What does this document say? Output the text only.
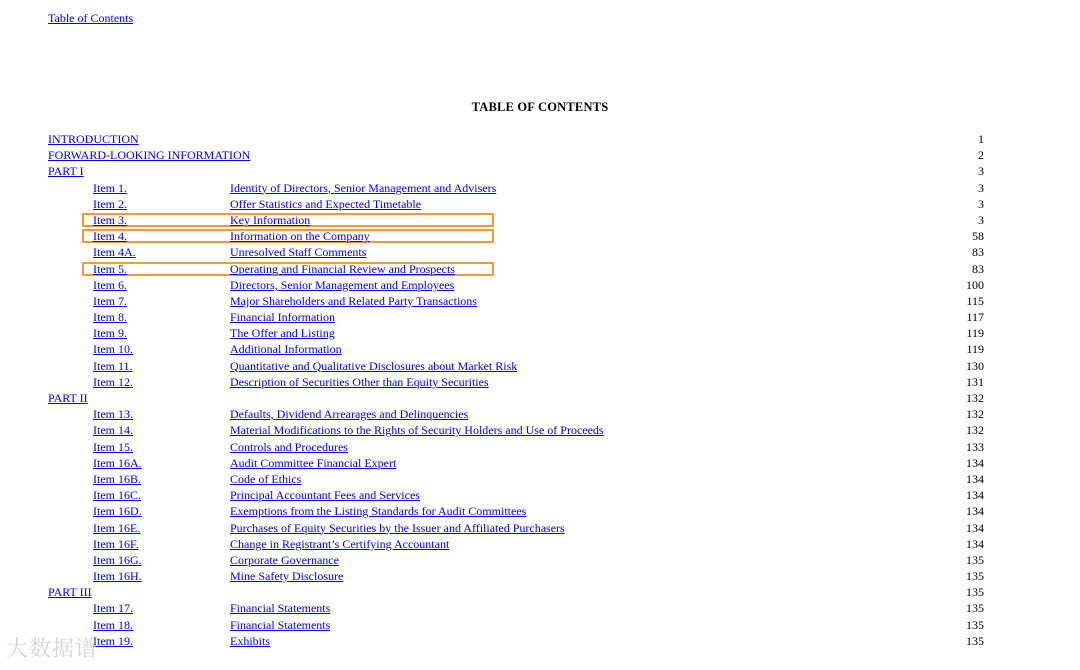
Table of Contents
TABLE OF CONTENTS
INTRODUCTION	1
FORWARD-LOOKING INFORMATION	2
PART I	3
Item 1.	Identity of Directors, Senior Management and Advisers	3
Item 2.	Offer Statistics and Expected Timetable	3
Item 3.	Key Information	3
Item 4.	Information on the Company	58
Item 4A.	Unresolved Staff Comments	83
Item 5.	Operating and Financial Review and Prospects	83
Item 6.	Directors, Senior Management and Employees	100
Item 7.	Major Shareholders and Related Party Transactions	115
Item 8.	Financial Information	117
Item 9.	The Offer and Listing	119
Item 10.	Additional Information	119
Item 11.	Quantitative and Qualitative Disclosures about Market Risk	130
Item 12.	Description of Securities Other than Equity Securities	131
PART II	132
Item 13.	Defaults, Dividend Arrearages and Delinquencies	132
Item 14.	Material Modifications to the Rights of Security Holders and Use of Proceeds	132
Item 15.	Controls and Procedures	133
Item 16A.	Audit Committee Financial Expert	134
Item 16B.	Code of Ethics	134
Item 16C.	Principal Accountant Fees and Services	134
Item 16D.	Exemptions from the Listing Standards for Audit Committees	134
Item 16E.	Purchases of Equity Securities by the Issuer and Affiliated Purchasers	134
Item 16F.	Change in Registrant’s Certifying Accountant	134
Item 16G.	Corporate Governance	135
Item 16H.	Mine Safety Disclosure	135
PART III	135
Item 17.	Financial Statements	135
Item 18.	Financial Statements	135
Item 19.	Exhibits	135
大数据谱
